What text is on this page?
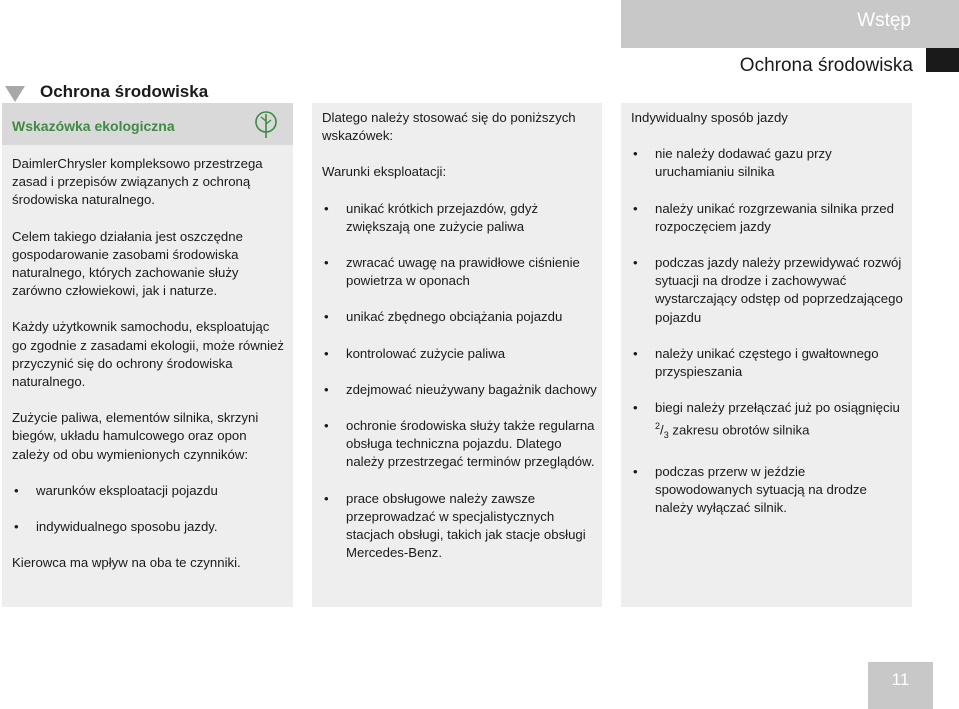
Wstęp
Ochrona środowiska
Ochrona środowiska
Wskazówka ekologiczna

DaimlerChrysler kompleksowo przestrzega zasad i przepisów związanych z ochroną środowiska naturalnego.

Celem takiego działania jest oszczędne gospodarowanie zasobami środowiska naturalnego, których zachowanie służy zarówno człowiekowi, jak i naturze.

Każdy użytkownik samochodu, eksploatując go zgodnie z zasadami ekologii, może również przyczynić się do ochrony środowiska naturalnego.

Zużycie paliwa, elementów silnika, skrzyni biegów, układu hamulcowego oraz opon zależy od obu wymienionych czynników:

• warunków eksploatacji pojazdu
• indywidualnego sposobu jazdy.

Kierowca ma wpływ na oba te czynniki.

Dlatego należy stosować się do poniższych wskazówek:

Warunki eksploatacji:

• unikać krótkich przejazdów, gdyż zwiększają one zużycie paliwa
• zwracać uwagę na prawidłowe ciśnienie powietrza w oponach
• unikać zbędnego obciążania pojazdu
• kontrolować zużycie paliwa
• zdejmować nieużywany bagażnik dachowy
• ochronie środowiska służy także regularna obsługa techniczna pojazdu. Dlatego należy przestrzegać terminów przeglądów.
• prace obsługowe należy zawsze przeprowadzać w specjalistycznych stacjach obsługi, takich jak stacje obsługi Mercedes-Benz.

Indywidualny sposób jazdy

• nie należy dodawać gazu przy uruchamianiu silnika
• należy unikać rozgrzewania silnika przed rozpoczęciem jazdy
• podczas jazdy należy przewidywać rozwój sytuacji na drodze i zachowywać wystarczający odstęp od poprzedzającego pojazdu
• należy unikać częstego i gwałtownego przyspieszania
• biegi należy przełączać już po osiągnięciu $^2/_3$ zakresu obrotów silnika
• podczas przerw w jeździe spowodowanych sytuacją na drodze należy wyłączać silnik.
11
